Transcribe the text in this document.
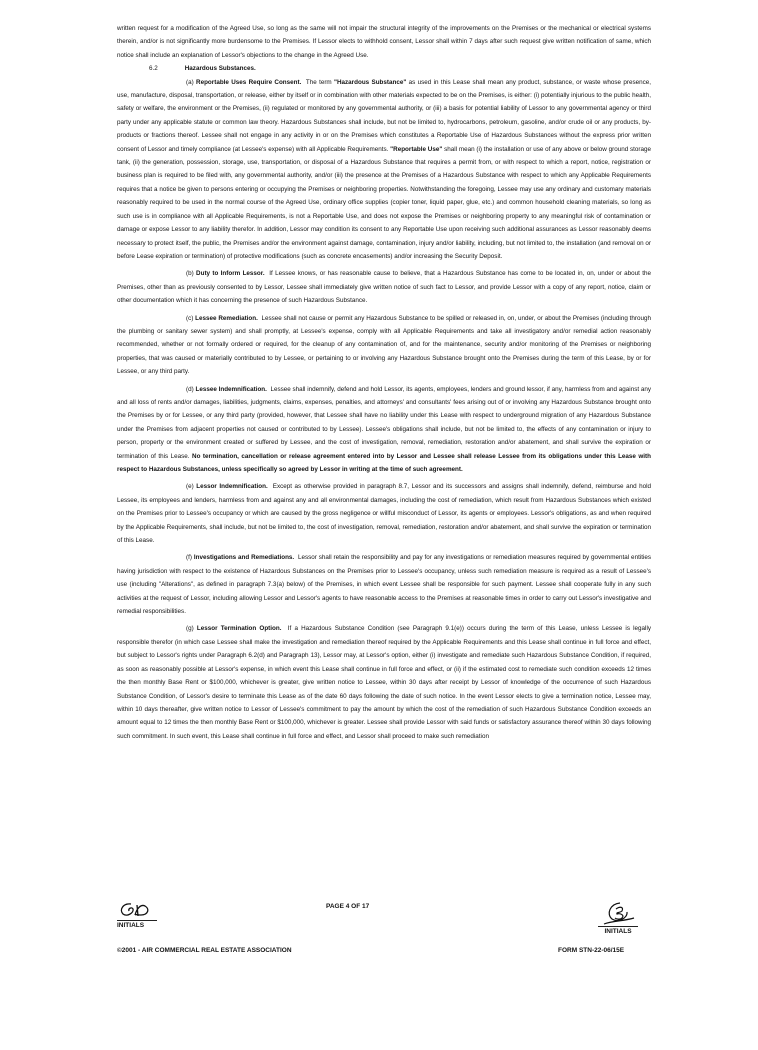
written request for a modification of the Agreed Use, so long as the same will not impair the structural integrity of the improvements on the Premises or the mechanical or electrical systems therein, and/or is not significantly more burdensome to the Premises. If Lessor elects to withhold consent, Lessor shall within 7 days after such request give written notification of same, which notice shall include an explanation of Lessor's objections to the change in the Agreed Use.

6.2	Hazardous Substances.

(a) Reportable Uses Require Consent. The term "Hazardous Substance" as used in this Lease shall mean any product, substance, or waste whose presence, use, manufacture, disposal, transportation, or release, either by itself or in combination with other materials expected to be on the Premises, is either: (i) potentially injurious to the public health, safety or welfare, the environment or the Premises, (ii) regulated or monitored by any governmental authority, or (iii) a basis for potential liability of Lessor to any governmental agency or third party under any applicable statute or common law theory. Hazardous Substances shall include, but not be limited to, hydrocarbons, petroleum, gasoline, and/or crude oil or any products, by-products or fractions thereof. Lessee shall not engage in any activity in or on the Premises which constitutes a Reportable Use of Hazardous Substances without the express prior written consent of Lessor and timely compliance (at Lessee's expense) with all Applicable Requirements. "Reportable Use" shall mean (i) the installation or use of any above or below ground storage tank, (ii) the generation, possession, storage, use, transportation, or disposal of a Hazardous Substance that requires a permit from, or with respect to which a report, notice, registration or business plan is required to be filed with, any governmental authority, and/or (iii) the presence at the Premises of a Hazardous Substance with respect to which any Applicable Requirements requires that a notice be given to persons entering or occupying the Premises or neighboring properties. Notwithstanding the foregoing, Lessee may use any ordinary and customary materials reasonably required to be used in the normal course of the Agreed Use, ordinary office supplies (copier toner, liquid paper, glue, etc.) and common household cleaning materials, so long as such use is in compliance with all Applicable Requirements, is not a Reportable Use, and does not expose the Premises or neighboring property to any meaningful risk of contamination or damage or expose Lessor to any liability therefor. In addition, Lessor may condition its consent to any Reportable Use upon receiving such additional assurances as Lessor reasonably deems necessary to protect itself, the public, the Premises and/or the environment against damage, contamination, injury and/or liability, including, but not limited to, the installation (and removal on or before Lease expiration or termination) of protective modifications (such as concrete encasements) and/or increasing the Security Deposit.

(b) Duty to Inform Lessor. If Lessee knows, or has reasonable cause to believe, that a Hazardous Substance has come to be located in, on, under or about the Premises, other than as previously consented to by Lessor, Lessee shall immediately give written notice of such fact to Lessor, and provide Lessor with a copy of any report, notice, claim or other documentation which it has concerning the presence of such Hazardous Substance.

(c) Lessee Remediation. Lessee shall not cause or permit any Hazardous Substance to be spilled or released in, on, under, or about the Premises (including through the plumbing or sanitary sewer system) and shall promptly, at Lessee's expense, comply with all Applicable Requirements and take all investigatory and/or remedial action reasonably recommended, whether or not formally ordered or required, for the cleanup of any contamination of, and for the maintenance, security and/or monitoring of the Premises or neighboring properties, that was caused or materially contributed to by Lessee, or pertaining to or involving any Hazardous Substance brought onto the Premises during the term of this Lease, by or for Lessee, or any third party.

(d) Lessee Indemnification. Lessee shall indemnify, defend and hold Lessor, its agents, employees, lenders and ground lessor, if any, harmless from and against any and all loss of rents and/or damages, liabilities, judgments, claims, expenses, penalties, and attorneys' and consultants' fees arising out of or involving any Hazardous Substance brought onto the Premises by or for Lessee, or any third party (provided, however, that Lessee shall have no liability under this Lease with respect to underground migration of any Hazardous Substance under the Premises from adjacent properties not caused or contributed to by Lessee). Lessee's obligations shall include, but not be limited to, the effects of any contamination or injury to person, property or the environment created or suffered by Lessee, and the cost of investigation, removal, remediation, restoration and/or abatement, and shall survive the expiration or termination of this Lease. No termination, cancellation or release agreement entered into by Lessor and Lessee shall release Lessee from its obligations under this Lease with respect to Hazardous Substances, unless specifically so agreed by Lessor in writing at the time of such agreement.

(e) Lessor Indemnification. Except as otherwise provided in paragraph 8.7, Lessor and its successors and assigns shall indemnify, defend, reimburse and hold Lessee, its employees and lenders, harmless from and against any and all environmental damages, including the cost of remediation, which result from Hazardous Substances which existed on the Premises prior to Lessee's occupancy or which are caused by the gross negligence or willful misconduct of Lessor, its agents or employees. Lessor's obligations, as and when required by the Applicable Requirements, shall include, but not be limited to, the cost of investigation, removal, remediation, restoration and/or abatement, and shall survive the expiration or termination of this Lease.

(f) Investigations and Remediations. Lessor shall retain the responsibility and pay for any investigations or remediation measures required by governmental entities having jurisdiction with respect to the existence of Hazardous Substances on the Premises prior to Lessee's occupancy, unless such remediation measure is required as a result of Lessee's use (including "Alterations", as defined in paragraph 7.3(a) below) of the Premises, in which event Lessee shall be responsible for such payment. Lessee shall cooperate fully in any such activities at the request of Lessor, including allowing Lessor and Lessor's agents to have reasonable access to the Premises at reasonable times in order to carry out Lessor's investigative and remedial responsibilities.

(g) Lessor Termination Option. If a Hazardous Substance Condition (see Paragraph 9.1(e)) occurs during the term of this Lease, unless Lessee is legally responsible therefor (in which case Lessee shall make the investigation and remediation thereof required by the Applicable Requirements and this Lease shall continue in full force and effect, but subject to Lessor's rights under Paragraph 6.2(d) and Paragraph 13), Lessor may, at Lessor's option, either (i) investigate and remediate such Hazardous Substance Condition, if required, as soon as reasonably possible at Lessor's expense, in which event this Lease shall continue in full force and effect, or (ii) if the estimated cost to remediate such condition exceeds 12 times the then monthly Base Rent or $100,000, whichever is greater, give written notice to Lessee, within 30 days after receipt by Lessor of knowledge of the occurrence of such Hazardous Substance Condition, of Lessor's desire to terminate this Lease as of the date 60 days following the date of such notice. In the event Lessor elects to give a termination notice, Lessee may, within 10 days thereafter, give written notice to Lessor of Lessee's commitment to pay the amount by which the cost of the remediation of such Hazardous Substance Condition exceeds an amount equal to 12 times the then monthly Base Rent or $100,000, whichever is greater. Lessee shall provide Lessor with said funds or satisfactory assurance thereof within 30 days following such commitment. In such event, this Lease shall continue in full force and effect, and Lessor shall proceed to make such remediation

INITIALS
PAGE 4 OF 17
INITIALS
©2001 - AIR COMMERCIAL REAL ESTATE ASSOCIATION	FORM STN-22-06/15E
